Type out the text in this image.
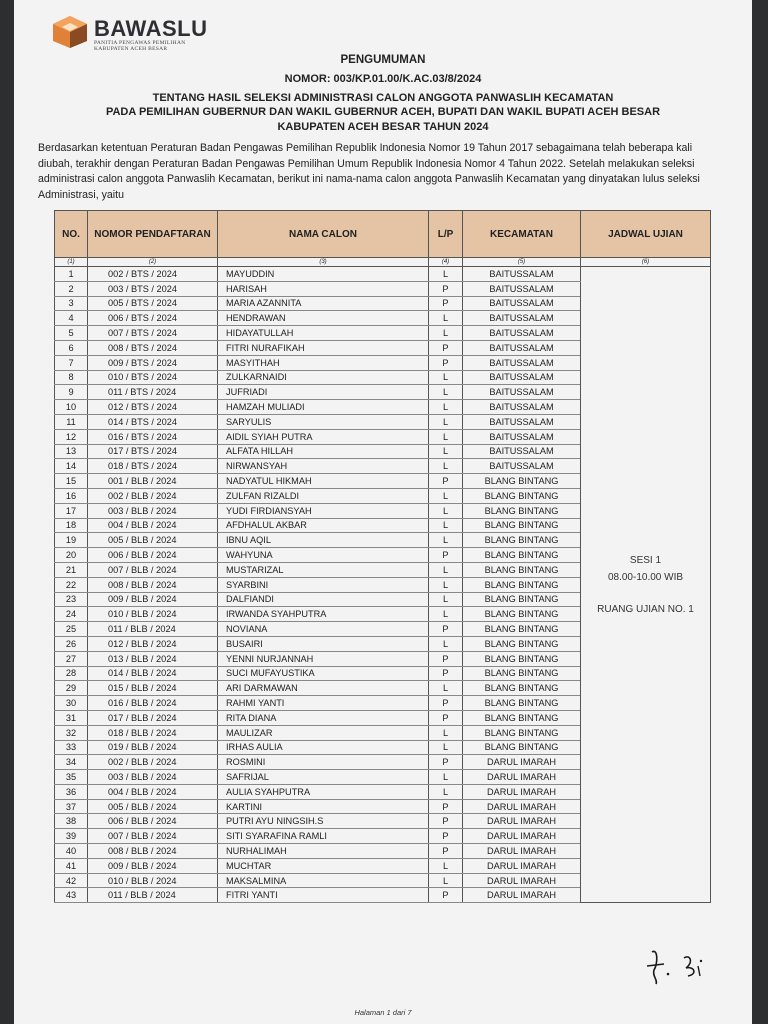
BAWASLU
PANITIA PENGAWAS PEMILIHAN KABUPATEN ACEH BESAR
PENGUMUMAN
NOMOR: 003/KP.01.00/K.AC.03/8/2024
TENTANG HASIL SELEKSI ADMINISTRASI CALON ANGGOTA PANWASLIH KECAMATAN
PADA PEMILIHAN GUBERNUR DAN WAKIL GUBERNUR ACEH, BUPATI DAN WAKIL BUPATI ACEH BESAR
KABUPATEN ACEH BESAR TAHUN 2024
Berdasarkan ketentuan Peraturan Badan Pengawas Pemilihan Republik Indonesia Nomor 19 Tahun 2017 sebagaimana telah beberapa kali diubah, terakhir dengan Peraturan Badan Pengawas Pemilihan Umum Republik Indonesia Nomor 4 Tahun 2022. Setelah melakukan seleksi administrasi calon anggota Panwaslih Kecamatan, berikut ini nama-nama calon anggota Panwaslih Kecamatan yang dinyatakan lulus seleksi Administrasi, yaitu
NO.	NOMOR PENDAFTARAN	NAMA CALON	L/P	KECAMATAN	JADWAL UJIAN
(1)	(2)	(3)	(4)	(5)	(6)
1	002 / BTS / 2024	MAYUDDIN	L	BAITUSSALAM	SESI 1
08.00-10.00 WIB
RUANG UJIAN NO. 1

2	003 / BTS / 2024	HARISAH	P	BAITUSSALAM	
3	005 / BTS / 2024	MARIA AZANNITA	P	BAITUSSALAM	
4	006 / BTS / 2024	HENDRAWAN	L	BAITUSSALAM	
5	007 / BTS / 2024	HIDAYATULLAH	L	BAITUSSALAM	
6	008 / BTS / 2024	FITRI NURAFIKAH	P	BAITUSSALAM	
7	009 / BTS / 2024	MASYITHAH	P	BAITUSSALAM	
8	010 / BTS / 2024	ZULKARNAIDI	L	BAITUSSALAM	
9	011 / BTS / 2024	JUFRIADI	L	BAITUSSALAM	
10	012 / BTS / 2024	HAMZAH MULIADI	L	BAITUSSALAM	
11	014 / BTS / 2024	SARYULIS	L	BAITUSSALAM	
12	016 / BTS / 2024	AIDIL SYIAH PUTRA	L	BAITUSSALAM	
13	017 / BTS / 2024	ALFATA HILLAH	L	BAITUSSALAM	
14	018 / BTS / 2024	NIRWANSYAH	L	BAITUSSALAM	
15	001 / BLB / 2024	NADYATUL HIKMAH	P	BLANG BINTANG	
16	002 / BLB / 2024	ZULFAN RIZALDI	L	BLANG BINTANG	
17	003 / BLB / 2024	YUDI FIRDIANSYAH	L	BLANG BINTANG	
18	004 / BLB / 2024	AFDHALUL AKBAR	L	BLANG BINTANG	
19	005 / BLB / 2024	IBNU AQIL	L	BLANG BINTANG	
20	006 / BLB / 2024	WAHYUNA	P	BLANG BINTANG	
21	007 / BLB / 2024	MUSTARIZAL	L	BLANG BINTANG	
22	008 / BLB / 2024	SYARBINI	L	BLANG BINTANG	
23	009 / BLB / 2024	DALFIANDI	L	BLANG BINTANG	
24	010 / BLB / 2024	IRWANDA SYAHPUTRA	L	BLANG BINTANG	
25	011 / BLB / 2024	NOVIANA	P	BLANG BINTANG	
26	012 / BLB / 2024	BUSAIRI	L	BLANG BINTANG	
27	013 / BLB / 2024	YENNI NURJANNAH	P	BLANG BINTANG	
28	014 / BLB / 2024	SUCI MUFAYUSTIKA	P	BLANG BINTANG	
29	015 / BLB / 2024	ARI DARMAWAN	L	BLANG BINTANG	
30	016 / BLB / 2024	RAHMI YANTI	P	BLANG BINTANG	
31	017 / BLB / 2024	RITA DIANA	P	BLANG BINTANG	
32	018 / BLB / 2024	MAULIZAR	L	BLANG BINTANG	
33	019 / BLB / 2024	IRHAS AULIA	L	BLANG BINTANG	
34	002 / BLB / 2024	ROSMINI	P	DARUL IMARAH	
35	003 / BLB / 2024	SAFRIJAL	L	DARUL IMARAH	
36	004 / BLB / 2024	AULIA SYAHPUTRA	L	DARUL IMARAH	
37	005 / BLB / 2024	KARTINI	P	DARUL IMARAH	
38	006 / BLB / 2024	PUTRI AYU NINGSIH.S	P	DARUL IMARAH	
39	007 / BLB / 2024	SITI SYARAFINA RAMLI	P	DARUL IMARAH	
40	008 / BLB / 2024	NURHALIMAH	P	DARUL IMARAH	
41	009 / BLB / 2024	MUCHTAR	L	DARUL IMARAH	
42	010 / BLB / 2024	MAKSALMINA	L	DARUL IMARAH	
43	011 / BLB / 2024	FITRI YANTI	P	DARUL IMARAH	
Halaman 1 dari 7
